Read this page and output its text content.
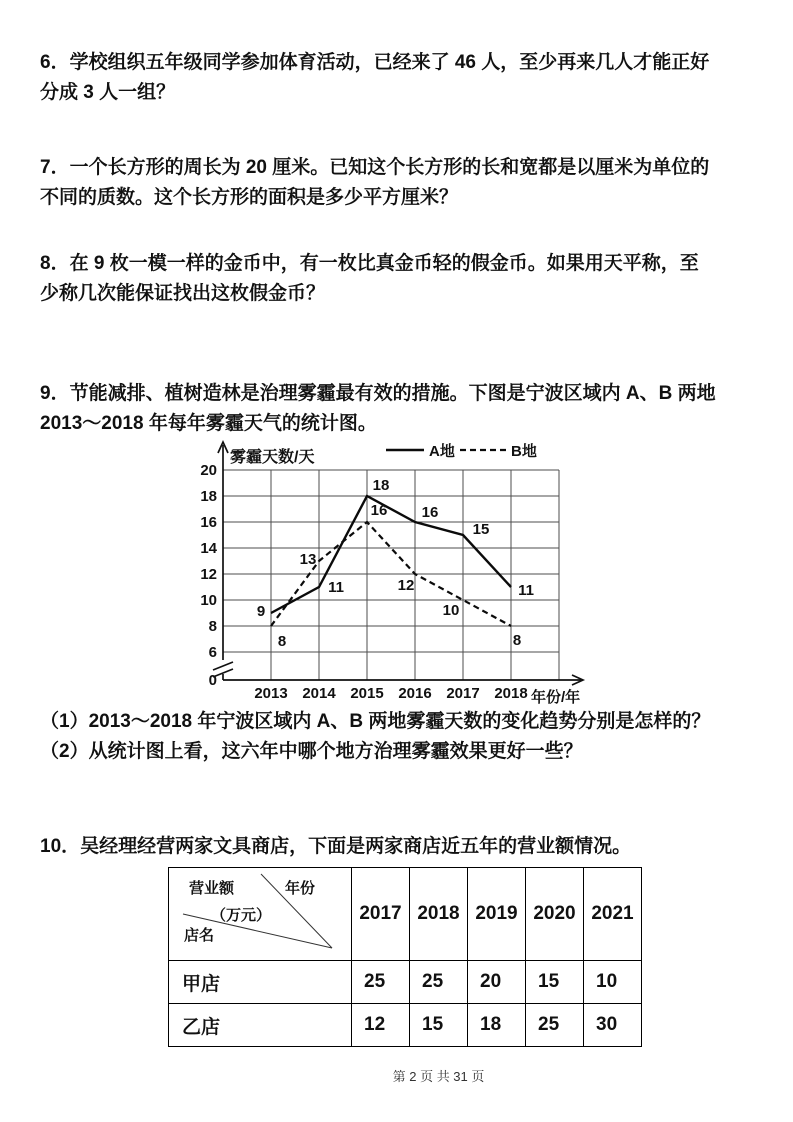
6．学校组织五年级同学参加体育活动，已经来了 46 人，至少再来几人才能正好
分成 3 人一组？
7．一个长方形的周长为 20 厘米。已知这个长方形的长和宽都是以厘米为单位的
不同的质数。这个长方形的面积是多少平方厘米？
8．在 9 枚一模一样的金币中，有一枚比真金币轻的假金币。如果用天平称，至
少称几次能保证找出这枚假金币？
9．节能减排、植树造林是治理雾霾最有效的措施。下图是宁波区域内 A、B 两地
2013～2018 年每年雾霾天气的统计图。
雾霾天数/天
6
8
10
12
14
16
18
20
0
2013 2014 2015 2016 2017 2018 年份/年
A地	B地
9
11
18
16
15
11
8
13
16
12
10
8
（1）2013～2018 年宁波区域内 A、B 两地雾霾天数的变化趋势分别是怎样的？
（2）从统计图上看，这六年中哪个地方治理雾霾效果更好一些？
10．吴经理经营两家文具商店，下面是两家商店近五年的营业额情况。
营业额
（万元）
年份
店名	2017	2018	2019	2020	2021
甲店	25	25	20	15	10
乙店	12	15	18	25	30
第 2 页 共 31 页
